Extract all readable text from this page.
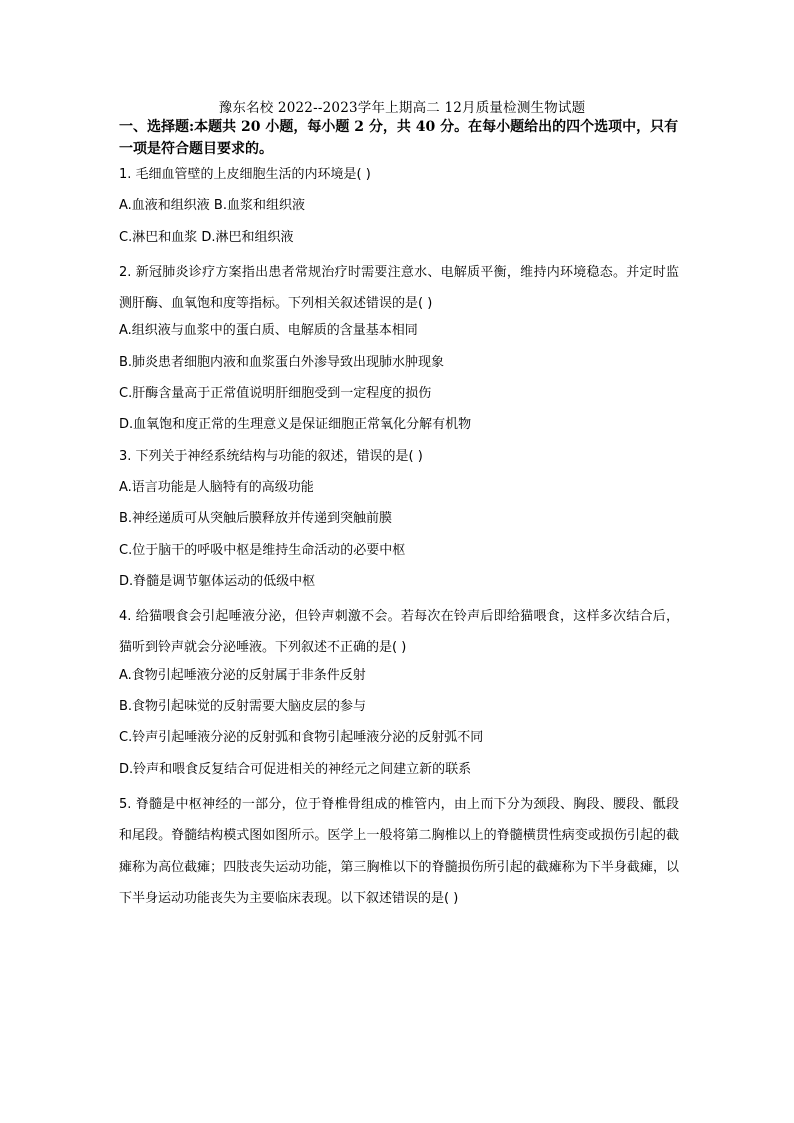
豫东名校 2022--2023学年上期高二 12月质量检测生物试题
一、选择题:本题共 20 小题，每小题 2 分，共 40 分。在每小题给出的四个选项中，只有一项是符合题目要求的。
1. 毛细血管壁的上皮细胞生活的内环境是( )
A.血液和组织液 B.血浆和组织液
C.淋巴和血浆 D.淋巴和组织液
2. 新冠肺炎诊疗方案指出患者常规治疗时需要注意水、电解质平衡，维持内环境稳态。并定时监测肝酶、血氧饱和度等指标。下列相关叙述错误的是( )
A.组织液与血浆中的蛋白质、电解质的含量基本相同
B.肺炎患者细胞内液和血浆蛋白外渗导致出现肺水肿现象
C.肝酶含量高于正常值说明肝细胞受到一定程度的损伤
D.血氧饱和度正常的生理意义是保证细胞正常氧化分解有机物
3. 下列关于神经系统结构与功能的叙述，错误的是( )
A.语言功能是人脑特有的高级功能
B.神经递质可从突触后膜释放并传递到突触前膜
C.位于脑干的呼吸中枢是维持生命活动的必要中枢
D.脊髓是调节躯体运动的低级中枢
4. 给猫喂食会引起唾液分泌，但铃声刺激不会。若每次在铃声后即给猫喂食，这样多次结合后，猫听到铃声就会分泌唾液。下列叙述不正确的是( )
A.食物引起唾液分泌的反射属于非条件反射
B.食物引起味觉的反射需要大脑皮层的参与
C.铃声引起唾液分泌的反射弧和食物引起唾液分泌的反射弧不同
D.铃声和喂食反复结合可促进相关的神经元之间建立新的联系
5. 脊髓是中枢神经的一部分，位于脊椎骨组成的椎管内，由上而下分为颈段、胸段、腰段、骶段和尾段。脊髓结构模式图如图所示。医学上一般将第二胸椎以上的脊髓横贯性病变或损伤引起的截瘫称为高位截瘫；四肢丧失运动功能，第三胸椎以下的脊髓损伤所引起的截瘫称为下半身截瘫，以下半身运动功能丧失为主要临床表现。以下叙述错误的是( )
